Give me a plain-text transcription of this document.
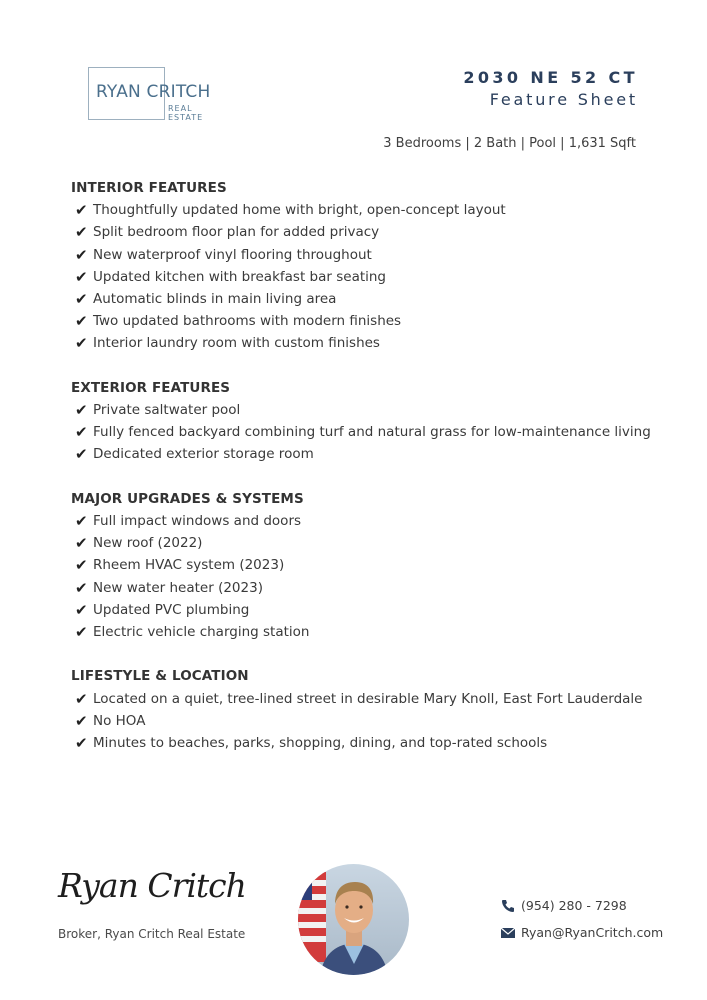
RYAN CRITCH
REAL
ESTATE
2030 NE 52 CT
Feature Sheet
3 Bedrooms | 2 Bath | Pool | 1,631 Sqft
INTERIOR FEATURES
✔ Thoughtfully updated home with bright, open-concept layout
✔ Split bedroom floor plan for added privacy
✔ New waterproof vinyl flooring throughout
✔ Updated kitchen with breakfast bar seating
✔ Automatic blinds in main living area
✔ Two updated bathrooms with modern finishes
✔ Interior laundry room with custom finishes
EXTERIOR FEATURES
✔ Private saltwater pool
✔ Fully fenced backyard combining turf and natural grass for low-maintenance living
✔ Dedicated exterior storage room
MAJOR UPGRADES & SYSTEMS
✔ Full impact windows and doors
✔ New roof (2022)
✔ Rheem HVAC system (2023)
✔ New water heater (2023)
✔ Updated PVC plumbing
✔ Electric vehicle charging station
LIFESTYLE & LOCATION
✔ Located on a quiet, tree-lined street in desirable Mary Knoll, East Fort Lauderdale
✔ No HOA
✔ Minutes to beaches, parks, shopping, dining, and top-rated schools
Ryan Critch
Broker, Ryan Critch Real Estate
(954) 280 - 7298
Ryan@RyanCritch.com
